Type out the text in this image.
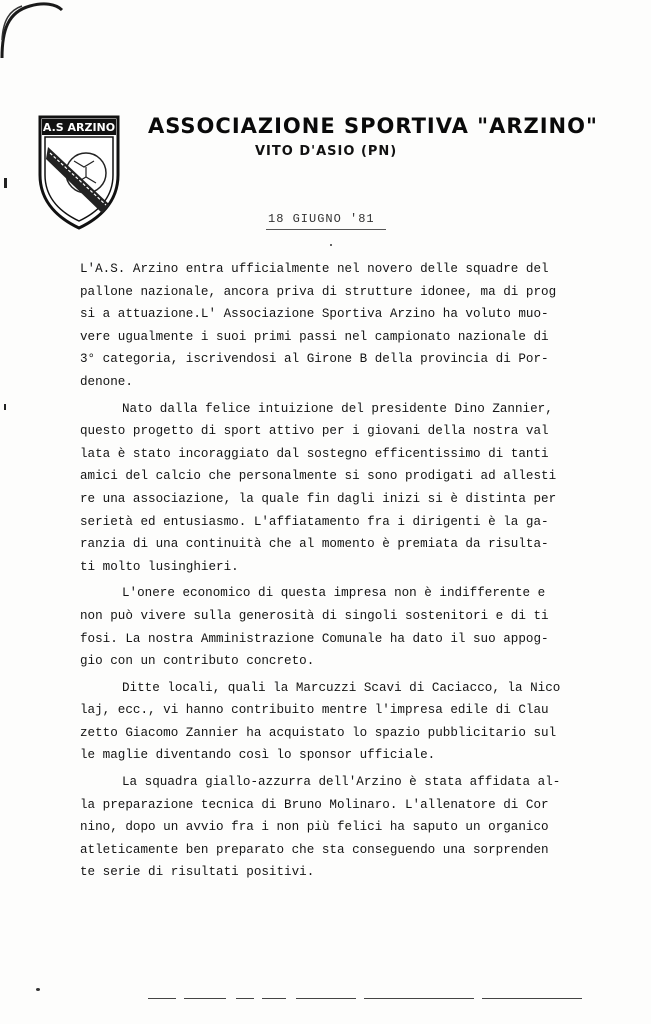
A.S ARZINO ASSOCIAZIONE SPORTIVA "ARZINO"
VITO D'ASIO (PN)
18 GIUGNO '81
L'A.S. Arzino entra ufficialmente nel novero delle squadre del
pallone nazionale, ancora priva di strutture idonee, ma di prog
si a attuazione.L' Associazione Sportiva Arzino ha voluto muo-
vere ugualmente i suoi primi passi nel campionato nazionale di
3° categoria, iscrivendosi al Girone B della provincia di Por-
denone.
Nato dalla felice intuizione del presidente Dino Zannier,
questo progetto di sport attivo per i giovani della nostra val
lata è stato incoraggiato dal sostegno efficentissimo di tanti
amici del calcio che personalmente si sono prodigati ad allesti
re una associazione, la quale fin dagli inizi si è distinta per
serietà ed entusiasmo. L'affiatamento fra i dirigenti è la ga-
ranzia di una continuità che al momento è premiata da risulta-
ti molto lusinghieri.
L'onere economico di questa impresa non è indifferente e
non può vivere sulla generosità di singoli sostenitori e di ti
fosi. La nostra Amministrazione Comunale ha dato il suo appog-
gio con un contributo concreto.
Ditte locali, quali la Marcuzzi Scavi di Caciacco, la Nico
laj, ecc., vi hanno contribuito mentre l'impresa edile di Clau
zetto Giacomo Zannier ha acquistato lo spazio pubblicitario sul
le maglie diventando così lo sponsor ufficiale.
La squadra giallo-azzurra dell'Arzino è stata affidata al-
la preparazione tecnica di Bruno Molinaro. L'allenatore di Cor
nino, dopo un avvio fra i non più felici ha saputo un organico
atleticamente ben preparato che sta conseguendo una sorprenden
te serie di risultati positivi.
